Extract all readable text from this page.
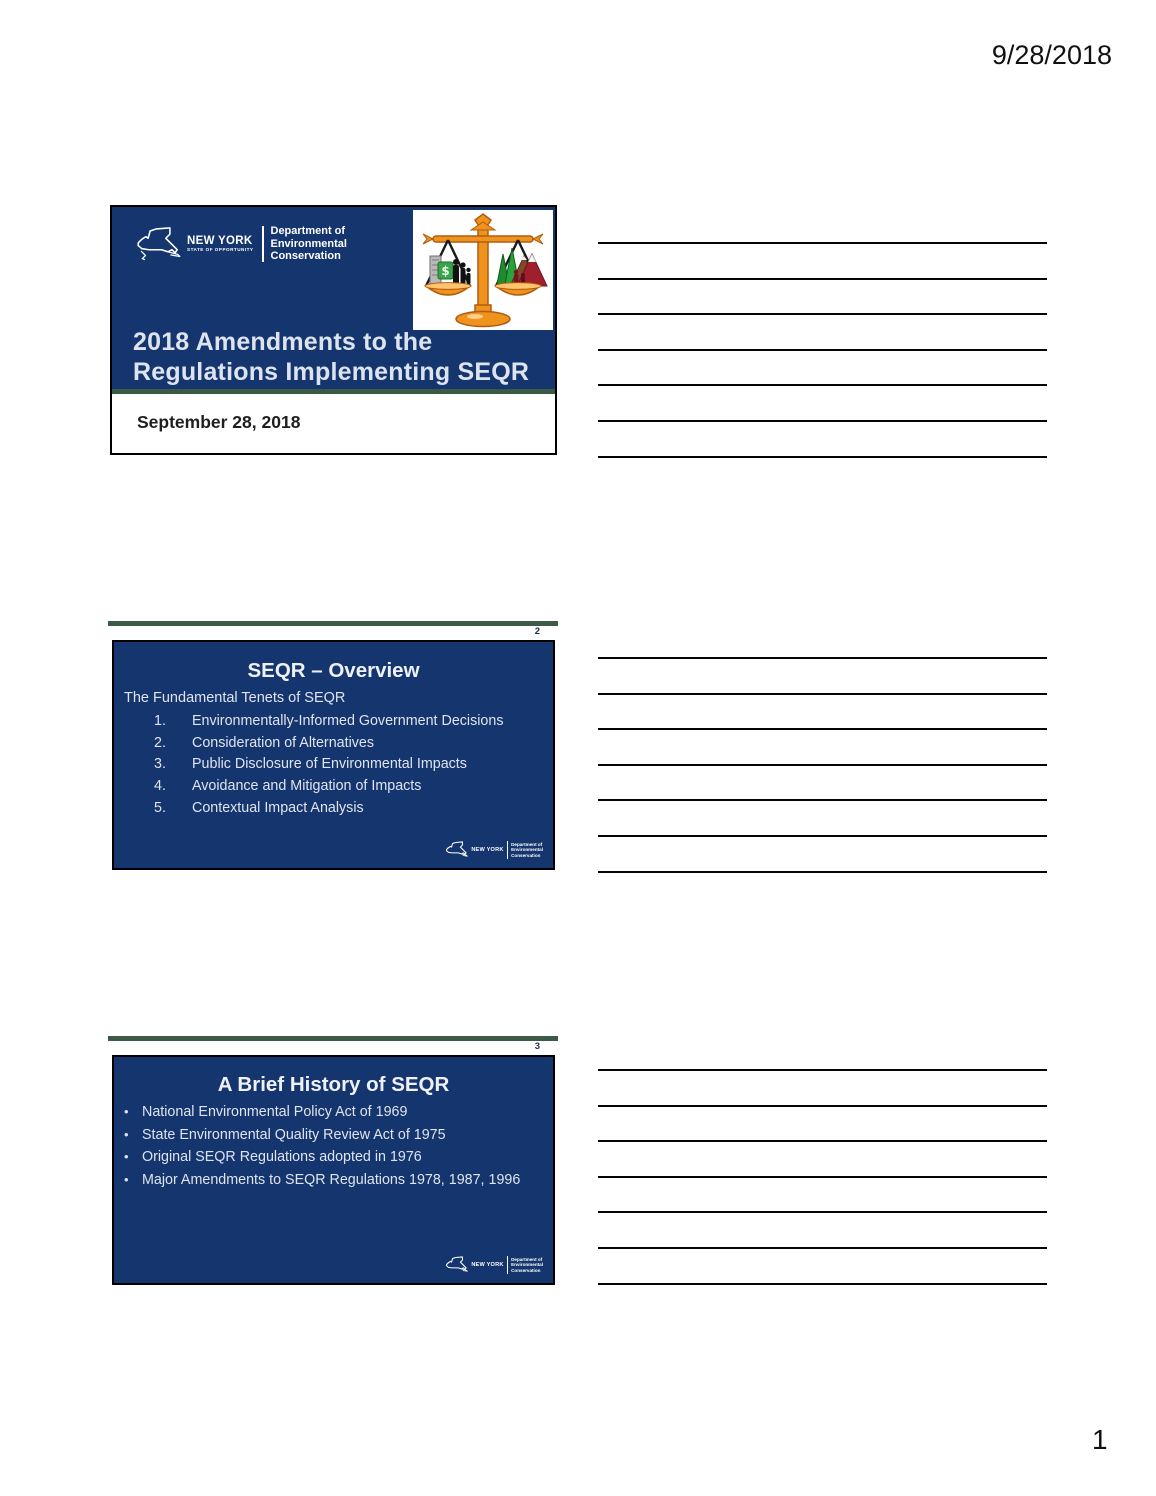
9/28/2018
NEW YORK
STATE OF OPPORTUNITY
Department of
Environmental
Conservation
$
2018 Amendments to the
Regulations Implementing SEQR
September 28, 2018
2
SEQR – Overview
The Fundamental Tenets of SEQR
1.	Environmentally-Informed Government Decisions
2.	Consideration of Alternatives
3.	Public Disclosure of Environmental Impacts
4.	Avoidance and Mitigation of Impacts
5.	Contextual Impact Analysis
NEW YORK
Department of
Environmental
Conservation
3
A Brief History of SEQR
• National Environmental Policy Act of 1969
• State Environmental Quality Review Act of 1975
• Original SEQR Regulations adopted in 1976
• Major Amendments to SEQR Regulations 1978, 1987, 1996
NEW YORK
Department of
Environmental
Conservation
1
